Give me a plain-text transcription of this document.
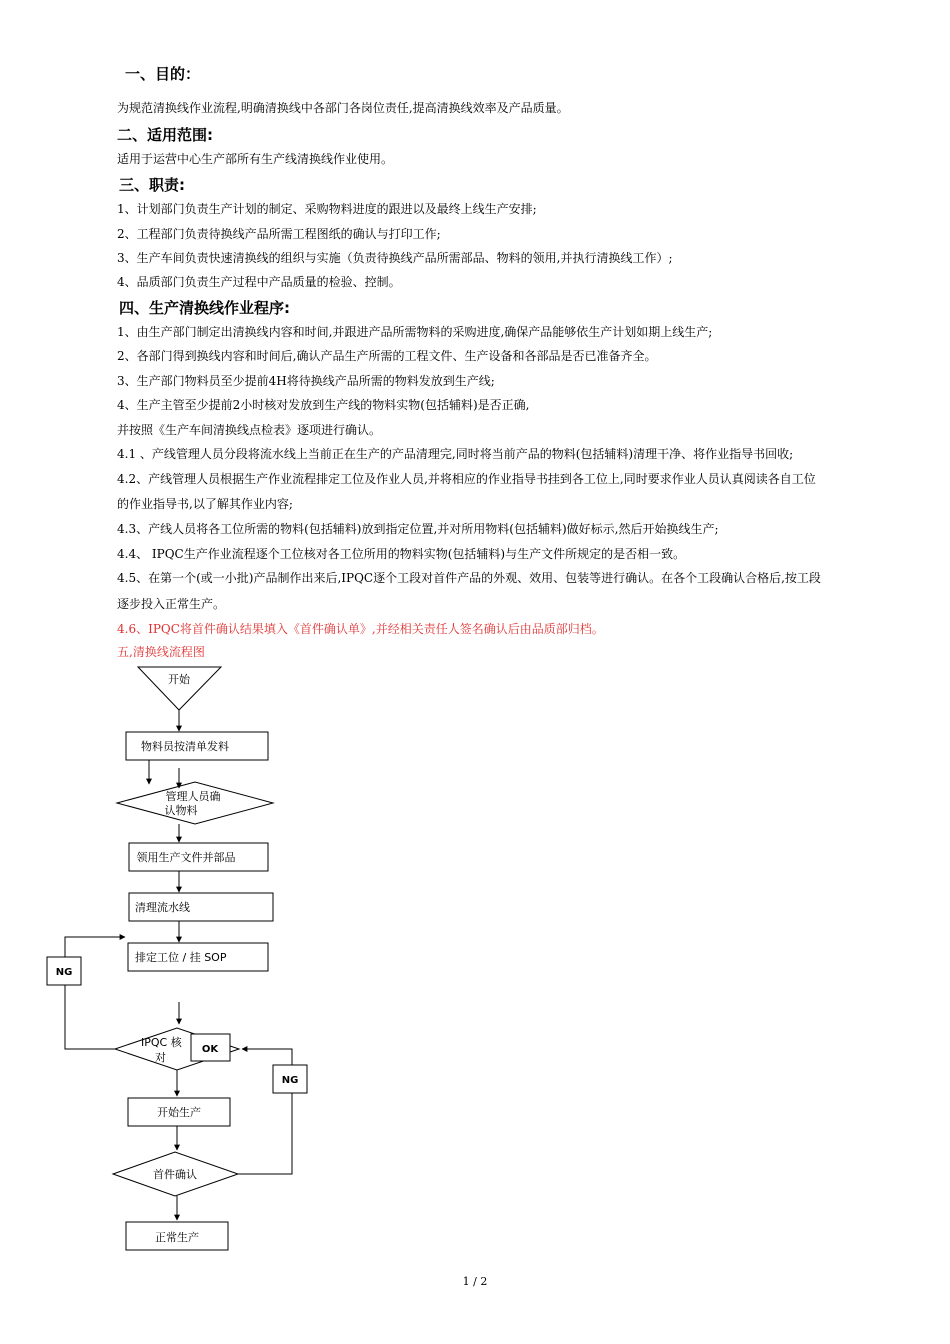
一、目的：
为规范清换线作业流程,明确清换线中各部门各岗位责任,提高清换线效率及产品质量。
二、适用范围:
适用于运营中心生产部所有生产线清换线作业使用。
三、职责:
1、计划部门负责生产计划的制定、采购物料进度的跟进以及最终上线生产安排;
2、工程部门负责待换线产品所需工程图纸的确认与打印工作;
3、生产车间负责快速清换线的组织与实施（负责待换线产品所需部品、物料的领用,并执行清换线工作）;
4、品质部门负责生产过程中产品质量的检验、控制。
四、生产清换线作业程序:
1、由生产部门制定出清换线内容和时间,并跟进产品所需物料的采购进度,确保产品能够依生产计划如期上线生产;
2、各部门得到换线内容和时间后,确认产品生产所需的工程文件、生产设备和各部品是否已准备齐全。
3、生产部门物料员至少提前4H将待换线产品所需的物料发放到生产线;
4、生产主管至少提前2小时核对发放到生产线的物料实物(包括辅料)是否正确,
并按照《生产车间清换线点检表》逐项进行确认。
4.1 、产线管理人员分段将流水线上当前正在生产的产品清理完,同时将当前产品的物料(包括辅料)清理干净、将作业指导书回收;
4.2、产线管理人员根据生产作业流程排定工位及作业人员,并将相应的作业指导书挂到各工位上,同时要求作业人员认真阅读各自工位
的作业指导书,以了解其作业内容;
4.3、产线人员将各工位所需的物料(包括辅料)放到指定位置,并对所用物料(包括辅料)做好标示,然后开始换线生产;
4.4、 IPQC生产作业流程逐个工位核对各工位所用的物料实物(包括辅料)与生产文件所规定的是否相一致。
4.5、在第一个(或一小批)产品制作出来后,IPQC逐个工段对首件产品的外观、效用、包装等进行确认。在各个工段确认合格后,按工段
逐步投入正常生产。
4.6、IPQC将首件确认结果填入《首件确认单》,并经相关责任人签名确认后由品质部归档。
五,清换线流程图
开始
物料员按清单发料
管理人员确
认物料
领用生产文件并部品
清理流水线
排定工位 / 挂 SOP
IPQC 核
对
OK
NG
开始生产
首件确认
NG
正常生产
1 / 2
